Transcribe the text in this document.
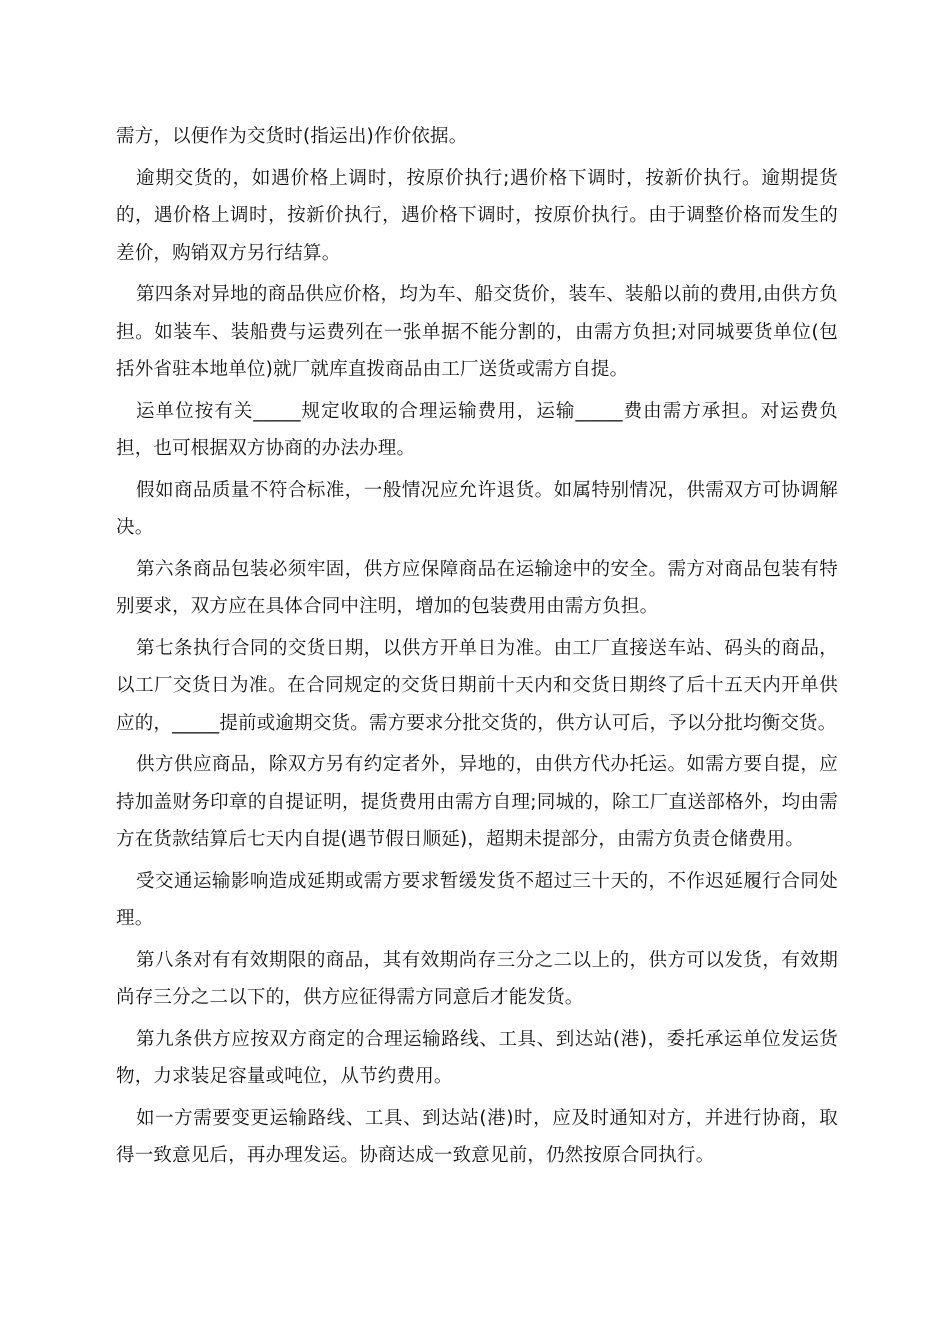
需方，以便作为交货时(指运出)作价依据。

逾期交货的，如遇价格上调时，按原价执行;遇价格下调时，按新价执行。逾期提货的，遇价格上调时，按新价执行，遇价格下调时，按原价执行。由于调整价格而发生的差价，购销双方另行结算。

第四条对异地的商品供应价格，均为车、船交货价，装车、装船以前的费用,由供方负担。如装车、装船费与运费列在一张单据不能分割的，由需方负担;对同城要货单位(包括外省驻本地单位)就厂就库直拨商品由工厂送货或需方自提。

运单位按有关_____规定收取的合理运输费用，运输_____费由需方承担。对运费负担，也可根据双方协商的办法办理。

假如商品质量不符合标准，一般情况应允许退货。如属特别情况，供需双方可协调解决。

第六条商品包装必须牢固，供方应保障商品在运输途中的安全。需方对商品包装有特别要求，双方应在具体合同中注明，增加的包装费用由需方负担。

第七条执行合同的交货日期，以供方开单日为准。由工厂直接送车站、码头的商品，以工厂交货日为准。在合同规定的交货日期前十天内和交货日期终了后十五天内开单供应的，_____提前或逾期交货。需方要求分批交货的，供方认可后，予以分批均衡交货。

供方供应商品，除双方另有约定者外，异地的，由供方代办托运。如需方要自提，应持加盖财务印章的自提证明，提货费用由需方自理;同城的，除工厂直送部格外，均由需方在货款结算后七天内自提(遇节假日顺延)，超期未提部分，由需方负责仓储费用。

受交通运输影响造成延期或需方要求暂缓发货不超过三十天的，不作迟延履行合同处理。

第八条对有有效期限的商品，其有效期尚存三分之二以上的，供方可以发货，有效期尚存三分之二以下的，供方应征得需方同意后才能发货。

第九条供方应按双方商定的合理运输路线、工具、到达站(港)，委托承运单位发运货物，力求装足容量或吨位，从节约费用。

如一方需要变更运输路线、工具、到达站(港)时，应及时通知对方，并进行协商，取得一致意见后，再办理发运。协商达成一致意见前，仍然按原合同执行。
